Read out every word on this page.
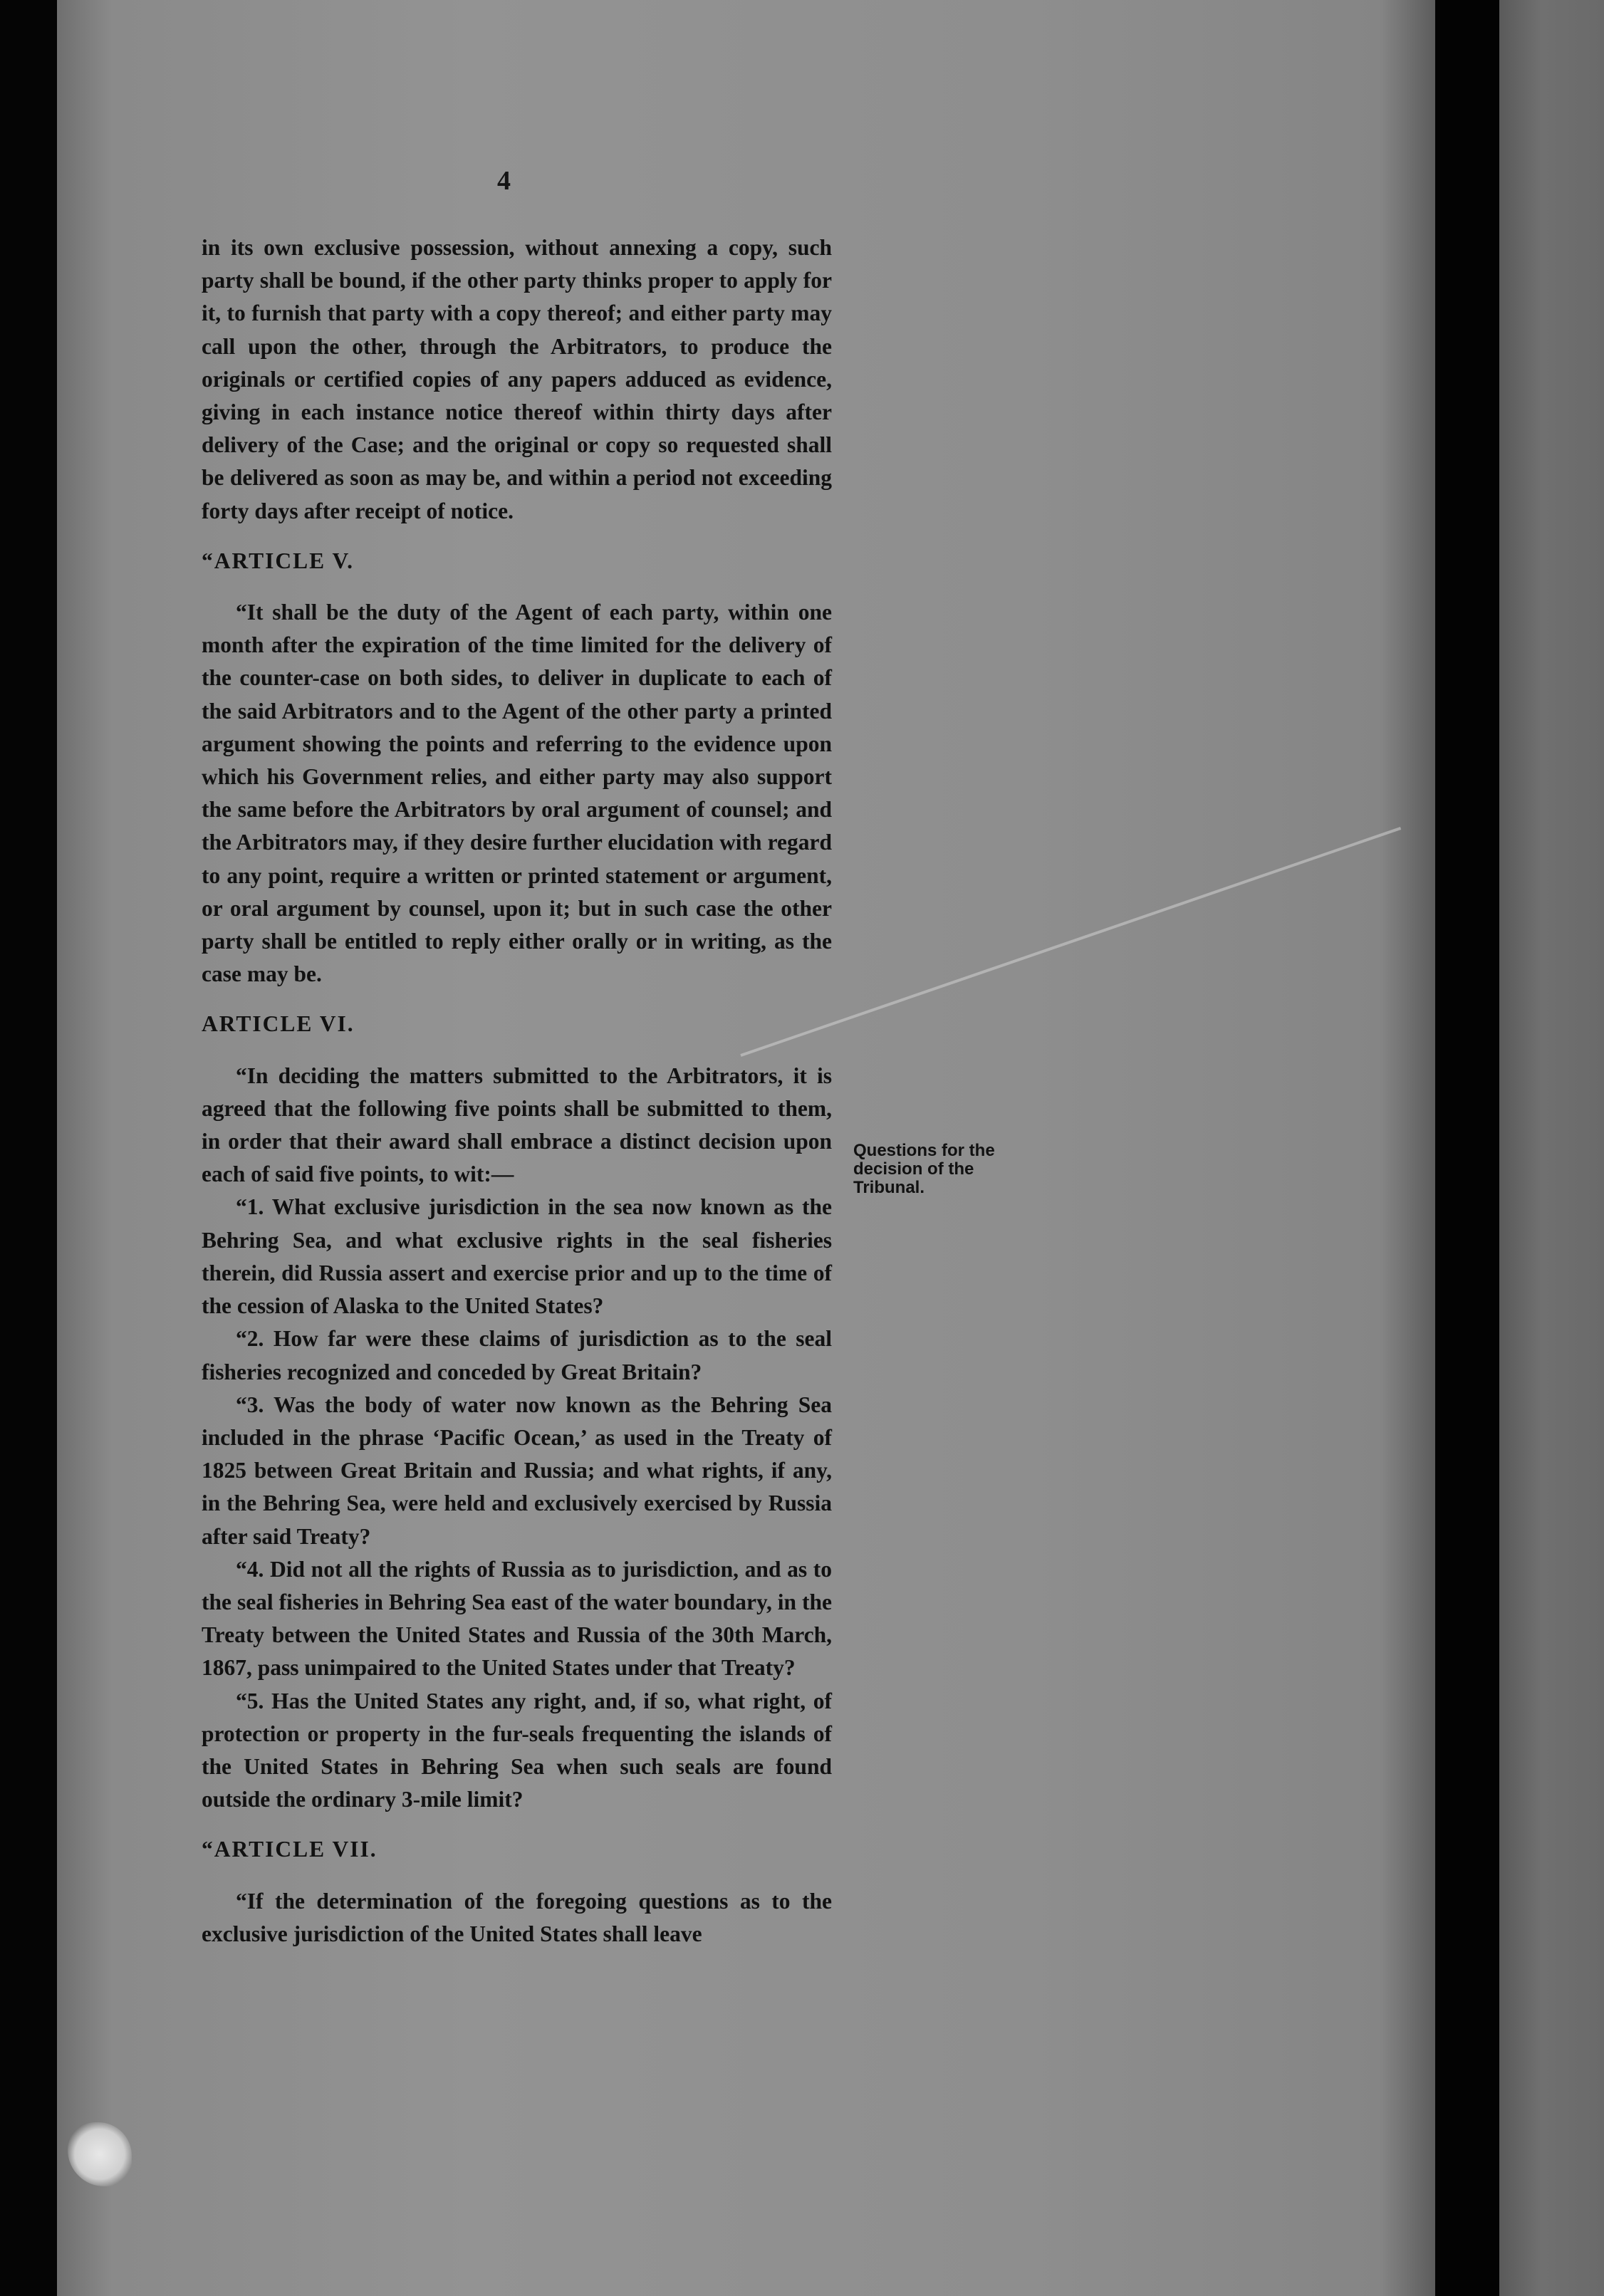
4

in its own exclusive possession, without annexing a copy, such party shall be bound, if the other party thinks proper to apply for it, to furnish that party with a copy thereof; and either party may call upon the other, through the Arbitrators, to produce the originals or certified copies of any papers adduced as evidence, giving in each instance notice thereof within thirty days after delivery of the Case; and the original or copy so requested shall be delivered as soon as may be, and within a period not exceeding forty days after receipt of notice.

“ARTICLE V.

“It shall be the duty of the Agent of each party, within one month after the expiration of the time limited for the delivery of the counter-case on both sides, to deliver in duplicate to each of the said Arbitrators and to the Agent of the other party a printed argument showing the points and referring to the evidence upon which his Government relies, and either party may also support the same before the Arbitrators by oral argument of counsel; and the Arbitrators may, if they desire further elucidation with regard to any point, require a written or printed statement or argument, or oral argument by counsel, upon it; but in such case the other party shall be entitled to reply either orally or in writing, as the case may be.

ARTICLE VI.

“In deciding the matters submitted to the Arbitrators, it is agreed that the following five points shall be submitted to them, in order that their award shall embrace a distinct decision upon each of said five points, to wit:—

“1. What exclusive jurisdiction in the sea now known as the Behring Sea, and what exclusive rights in the seal fisheries therein, did Russia assert and exercise prior and up to the time of the cession of Alaska to the United States?

“2. How far were these claims of jurisdiction as to the seal fisheries recognized and conceded by Great Britain?

“3. Was the body of water now known as the Behring Sea included in the phrase ‘Pacific Ocean,’ as used in the Treaty of 1825 between Great Britain and Russia; and what rights, if any, in the Behring Sea, were held and exclusively exercised by Russia after said Treaty?

“4. Did not all the rights of Russia as to jurisdiction, and as to the seal fisheries in Behring Sea east of the water boundary, in the Treaty between the United States and Russia of the 30th March, 1867, pass unimpaired to the United States under that Treaty?

“5. Has the United States any right, and, if so, what right, of protection or property in the fur-seals frequenting the islands of the United States in Behring Sea when such seals are found outside the ordinary 3-mile limit?

“ARTICLE VII.

“If the determination of the foregoing questions as to the exclusive jurisdiction of the United States shall leave

Questions for the decision of the Tribunal.
